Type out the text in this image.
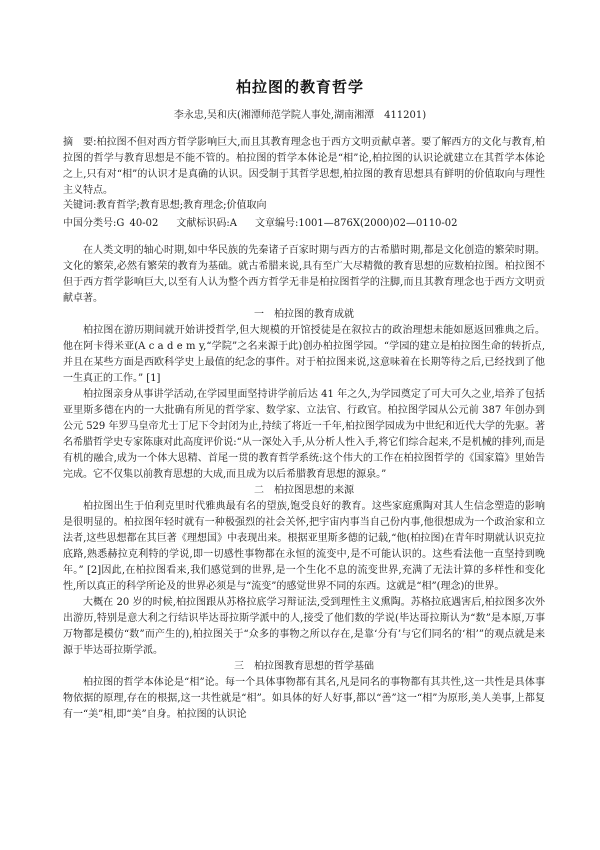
柏拉图的教育哲学
李永忠,吴和庆(湘潭师范学院人事处,湖南湘潭　411201)
摘　要:柏拉图不但对西方哲学影响巨大,而且其教育理念也于西方文明贡献卓著。要了解西方的文化与教育,柏拉图的哲学与教育思想是不能不管的。柏拉图的哲学本体论是“相”论,柏拉图的认识论就建立在其哲学本体论之上,只有对“相”的认识才是真确的认识。因受制于其哲学思想,柏拉图的教育思想具有鲜明的价值取向与理性主义特点。
关键词:教育哲学;教育思想;教育理念;价值取向
中国分类号:G 40-02 文献标识码:A 文章编号:1001—876Ⅹ(2000)02—0110-02

在人类文明的轴心时期,如中华民族的先秦诸子百家时期与西方的古希腊时期,都是文化创造的繁荣时期。文化的繁荣,必然有繁荣的教育为基础。就古希腊来说,具有至广大尽精微的教育思想的应数柏拉图。柏拉图不但于西方哲学影响巨大,以至有人认为整个西方哲学无非是柏拉图哲学的注脚,而且其教育理念也于西方文明贡献卓著。

一　柏拉图的教育成就

柏拉图在游历期间就开始讲授哲学,但大规模的开馆授徒是在叙拉古的政治理想未能如愿返回雅典之后。他在阿卡得米亚(A c a d e m y,“学院”之名来源于此)创办柏拉图学园。“学园的建立是柏拉图生命的转折点,并且在某些方面是西欧科学史上最值的纪念的事件。对于柏拉图来说,这意味着在长期等待之后,已经找到了他一生真正的工作。” [1]

柏拉图亲身从事讲学活动,在学园里面坚持讲学前后达 41 年之久,为学园奠定了可大可久之业,培养了包括亚里斯多德在内的一大批确有所见的哲学家、数学家、立法官、行政官。柏拉图学园从公元前 387 年创办到公元 529 年罗马皇帝尤士丁尼下令封闭为止,持续了将近一千年,柏拉图学园成为中世纪和近代大学的先驱。著名希腊哲学史专家陈康对此高度评价说:“从一深处入手,从分析人性入手,将它们综合起来,不是机械的排列,而是有机的融合,成为一个体大思精、首尾一贯的教育哲学系统:这个伟大的工作在柏拉图哲学的《国家篇》里始告完成。它不仅集以前教育思想的大成,而且成为以后希腊教育思想的源泉。”

二　柏拉图思想的来源

柏拉图出生于伯利克里时代雅典最有名的望族,饱受良好的教育。这些家庭熏陶对其人生信念塑造的影响是很明显的。柏拉图年轻时就有一种极强烈的社会关怀,把宇宙内事当自己份内事,他很想成为一个政治家和立法者,这些思想都在其巨著《理想国》中表现出来。根据亚里斯多德的记载,“他(柏拉图)在青年时期就认识克拉底路,熟悉赫拉克利特的学说,即一切感性事物都在永恒的流变中,是不可能认识的。这些看法他一直坚持到晚年。” [2]因此,在柏拉图看来,我们感觉到的世界,是一个生化不息的流变世界,充满了无法计算的多样性和变化性,所以真正的科学所论及的世界必须是与“流变”的感觉世界不同的东西。这就是“相”(理念)的世界。

大概在 20 岁的时候,柏拉图跟从苏格拉底学习辩证法,受到理性主义熏陶。苏格拉底遇害后,柏拉图多次外出游历,特别是意大利之行结识毕达哥拉斯学派中的人,接受了他们数的学说(毕达哥拉斯认为“数”是本原,万事万物都是模仿“数”而产生的),柏拉图关于“众多的事物之所以存在,是靠‘分有’与它们同名的‘相’”的观点就是来源于毕达哥拉斯学派。

三　柏拉图教育思想的哲学基础

柏拉图的哲学本体论是“相”论。每一个具体事物都有其名,凡是同名的事物都有其共性,这一共性是具体事物依据的原理,存在的根据,这一共性就是“相”。如具体的好人好事,都以“善”这一“相”为原形,美人美事,上都复有一“美”相,即“美”自身。柏拉图的认识论
